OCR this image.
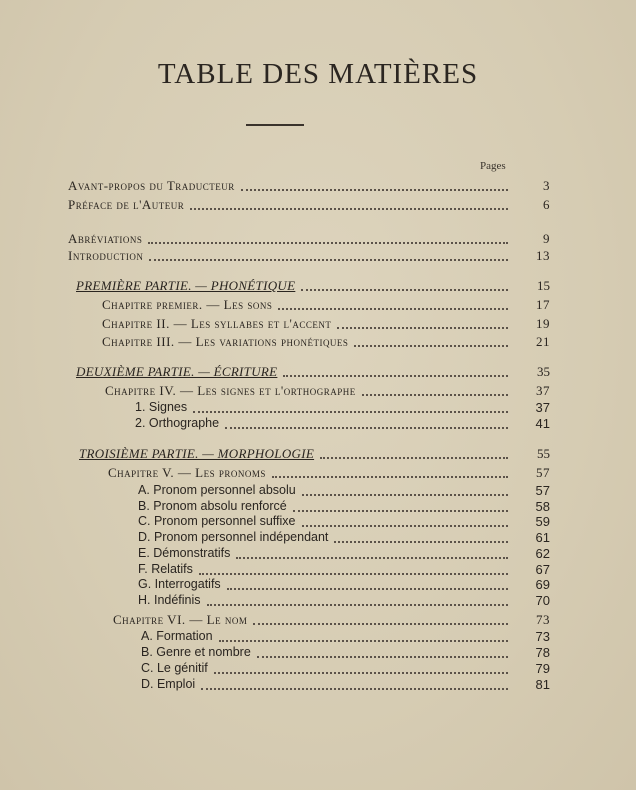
TABLE DES MATIÈRES
Pages
Avant-propos du Traducteur	3
Préface de l'Auteur	6
Abréviations	9
Introduction	13
PREMIÈRE PARTIE. — PHONÉTIQUE	15
Chapitre premier. — Les sons	17
Chapitre II. — Les syllabes et l'accent	19
Chapitre III. — Les variations phonétiques	21
DEUXIÈME PARTIE. — ÉCRITURE	35
Chapitre IV. — Les signes et l'orthographe	37
1. Signes	37
2. Orthographe	41
TROISIÈME PARTIE. — MORPHOLOGIE	55
Chapitre V. — Les pronoms	57
A. Pronom personnel absolu	57
B. Pronom absolu renforcé	58
C. Pronom personnel suffixe	59
D. Pronom personnel indépendant	61
E. Démonstratifs	62
F. Relatifs	67
G. Interrogatifs	69
H. Indéfinis	70
Chapitre VI. — Le nom	73
A. Formation	73
B. Genre et nombre	78
C. Le génitif	79
D. Emploi	81
